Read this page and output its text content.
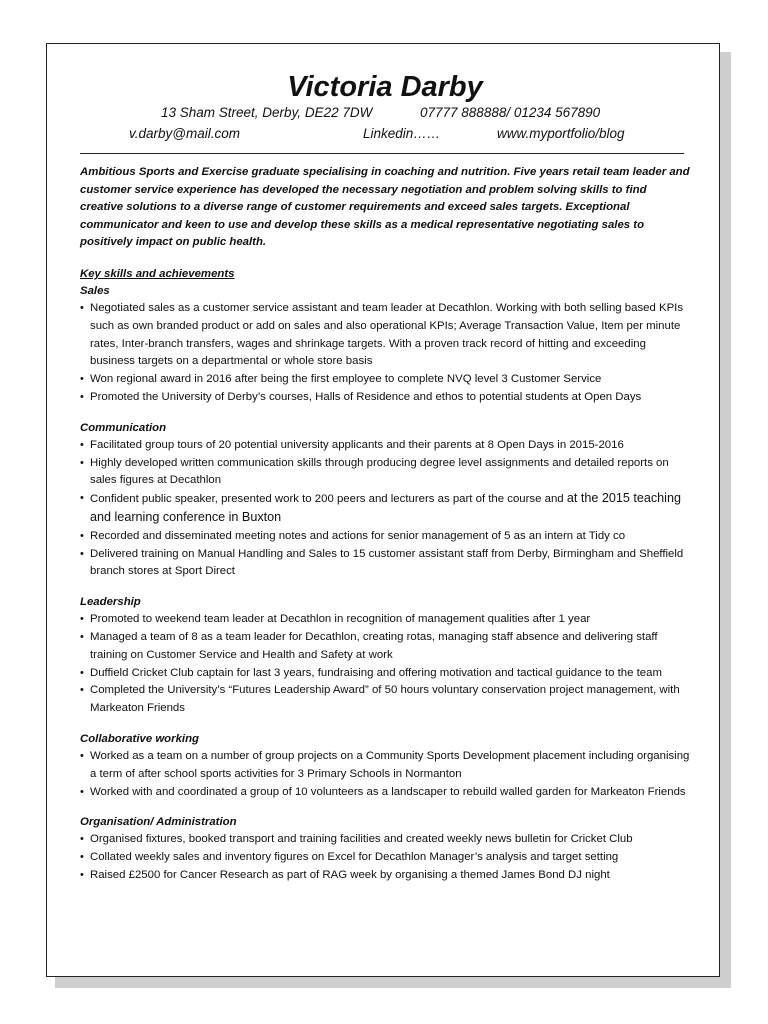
Victoria Darby
13 Sham Street, Derby, DE22 7DW	07777 888888/ 01234 567890
v.darby@mail.com	Linkedin……	www.myportfolio/blog
Ambitious Sports and Exercise graduate specialising in coaching and nutrition. Five years retail team leader and customer service experience has developed the necessary negotiation and problem solving skills to find creative solutions to a diverse range of customer requirements and exceed sales targets. Exceptional communicator and keen to use and develop these skills as a medical representative negotiating sales to positively impact on public health.
Key skills and achievements
Sales
• Negotiated sales as a customer service assistant and team leader at Decathlon. Working with both selling based KPIs such as own branded product or add on sales and also operational KPIs; Average Transaction Value, Item per minute rates, Inter-branch transfers, wages and shrinkage targets. With a proven track record of hitting and exceeding business targets on a departmental or whole store basis
• Won regional award in 2016 after being the first employee to complete NVQ level 3 Customer Service
• Promoted the University of Derby’s courses, Halls of Residence and ethos to potential students at Open Days
Communication
• Facilitated group tours of 20 potential university applicants and their parents at 8 Open Days in 2015-2016
• Highly developed written communication skills through producing degree level assignments and detailed reports on sales figures at Decathlon
• Confident public speaker, presented work to 200 peers and lecturers as part of the course and at the 2015 teaching and learning conference in Buxton
• Recorded and disseminated meeting notes and actions for senior management of 5 as an intern at Tidy co
• Delivered training on Manual Handling and Sales to 15 customer assistant staff from Derby, Birmingham and Sheffield branch stores at Sport Direct
Leadership
• Promoted to weekend team leader at Decathlon in recognition of management qualities after 1 year
• Managed a team of 8 as a team leader for Decathlon, creating rotas, managing staff absence and delivering staff training on Customer Service and Health and Safety at work
• Duffield Cricket Club captain for last 3 years, fundraising and offering motivation and tactical guidance to the team
• Completed the University’s “Futures Leadership Award” of 50 hours voluntary conservation project management, with Markeaton Friends
Collaborative working
• Worked as a team on a number of group projects on a Community Sports Development placement including organising a term of after school sports activities for 3 Primary Schools in Normanton
• Worked with and coordinated a group of 10 volunteers as a landscaper to rebuild walled garden for Markeaton Friends
Organisation/ Administration
• Organised fixtures, booked transport and training facilities and created weekly news bulletin for Cricket Club
• Collated weekly sales and inventory figures on Excel for Decathlon Manager’s analysis and target setting
• Raised £2500 for Cancer Research as part of RAG week by organising a themed James Bond DJ night
